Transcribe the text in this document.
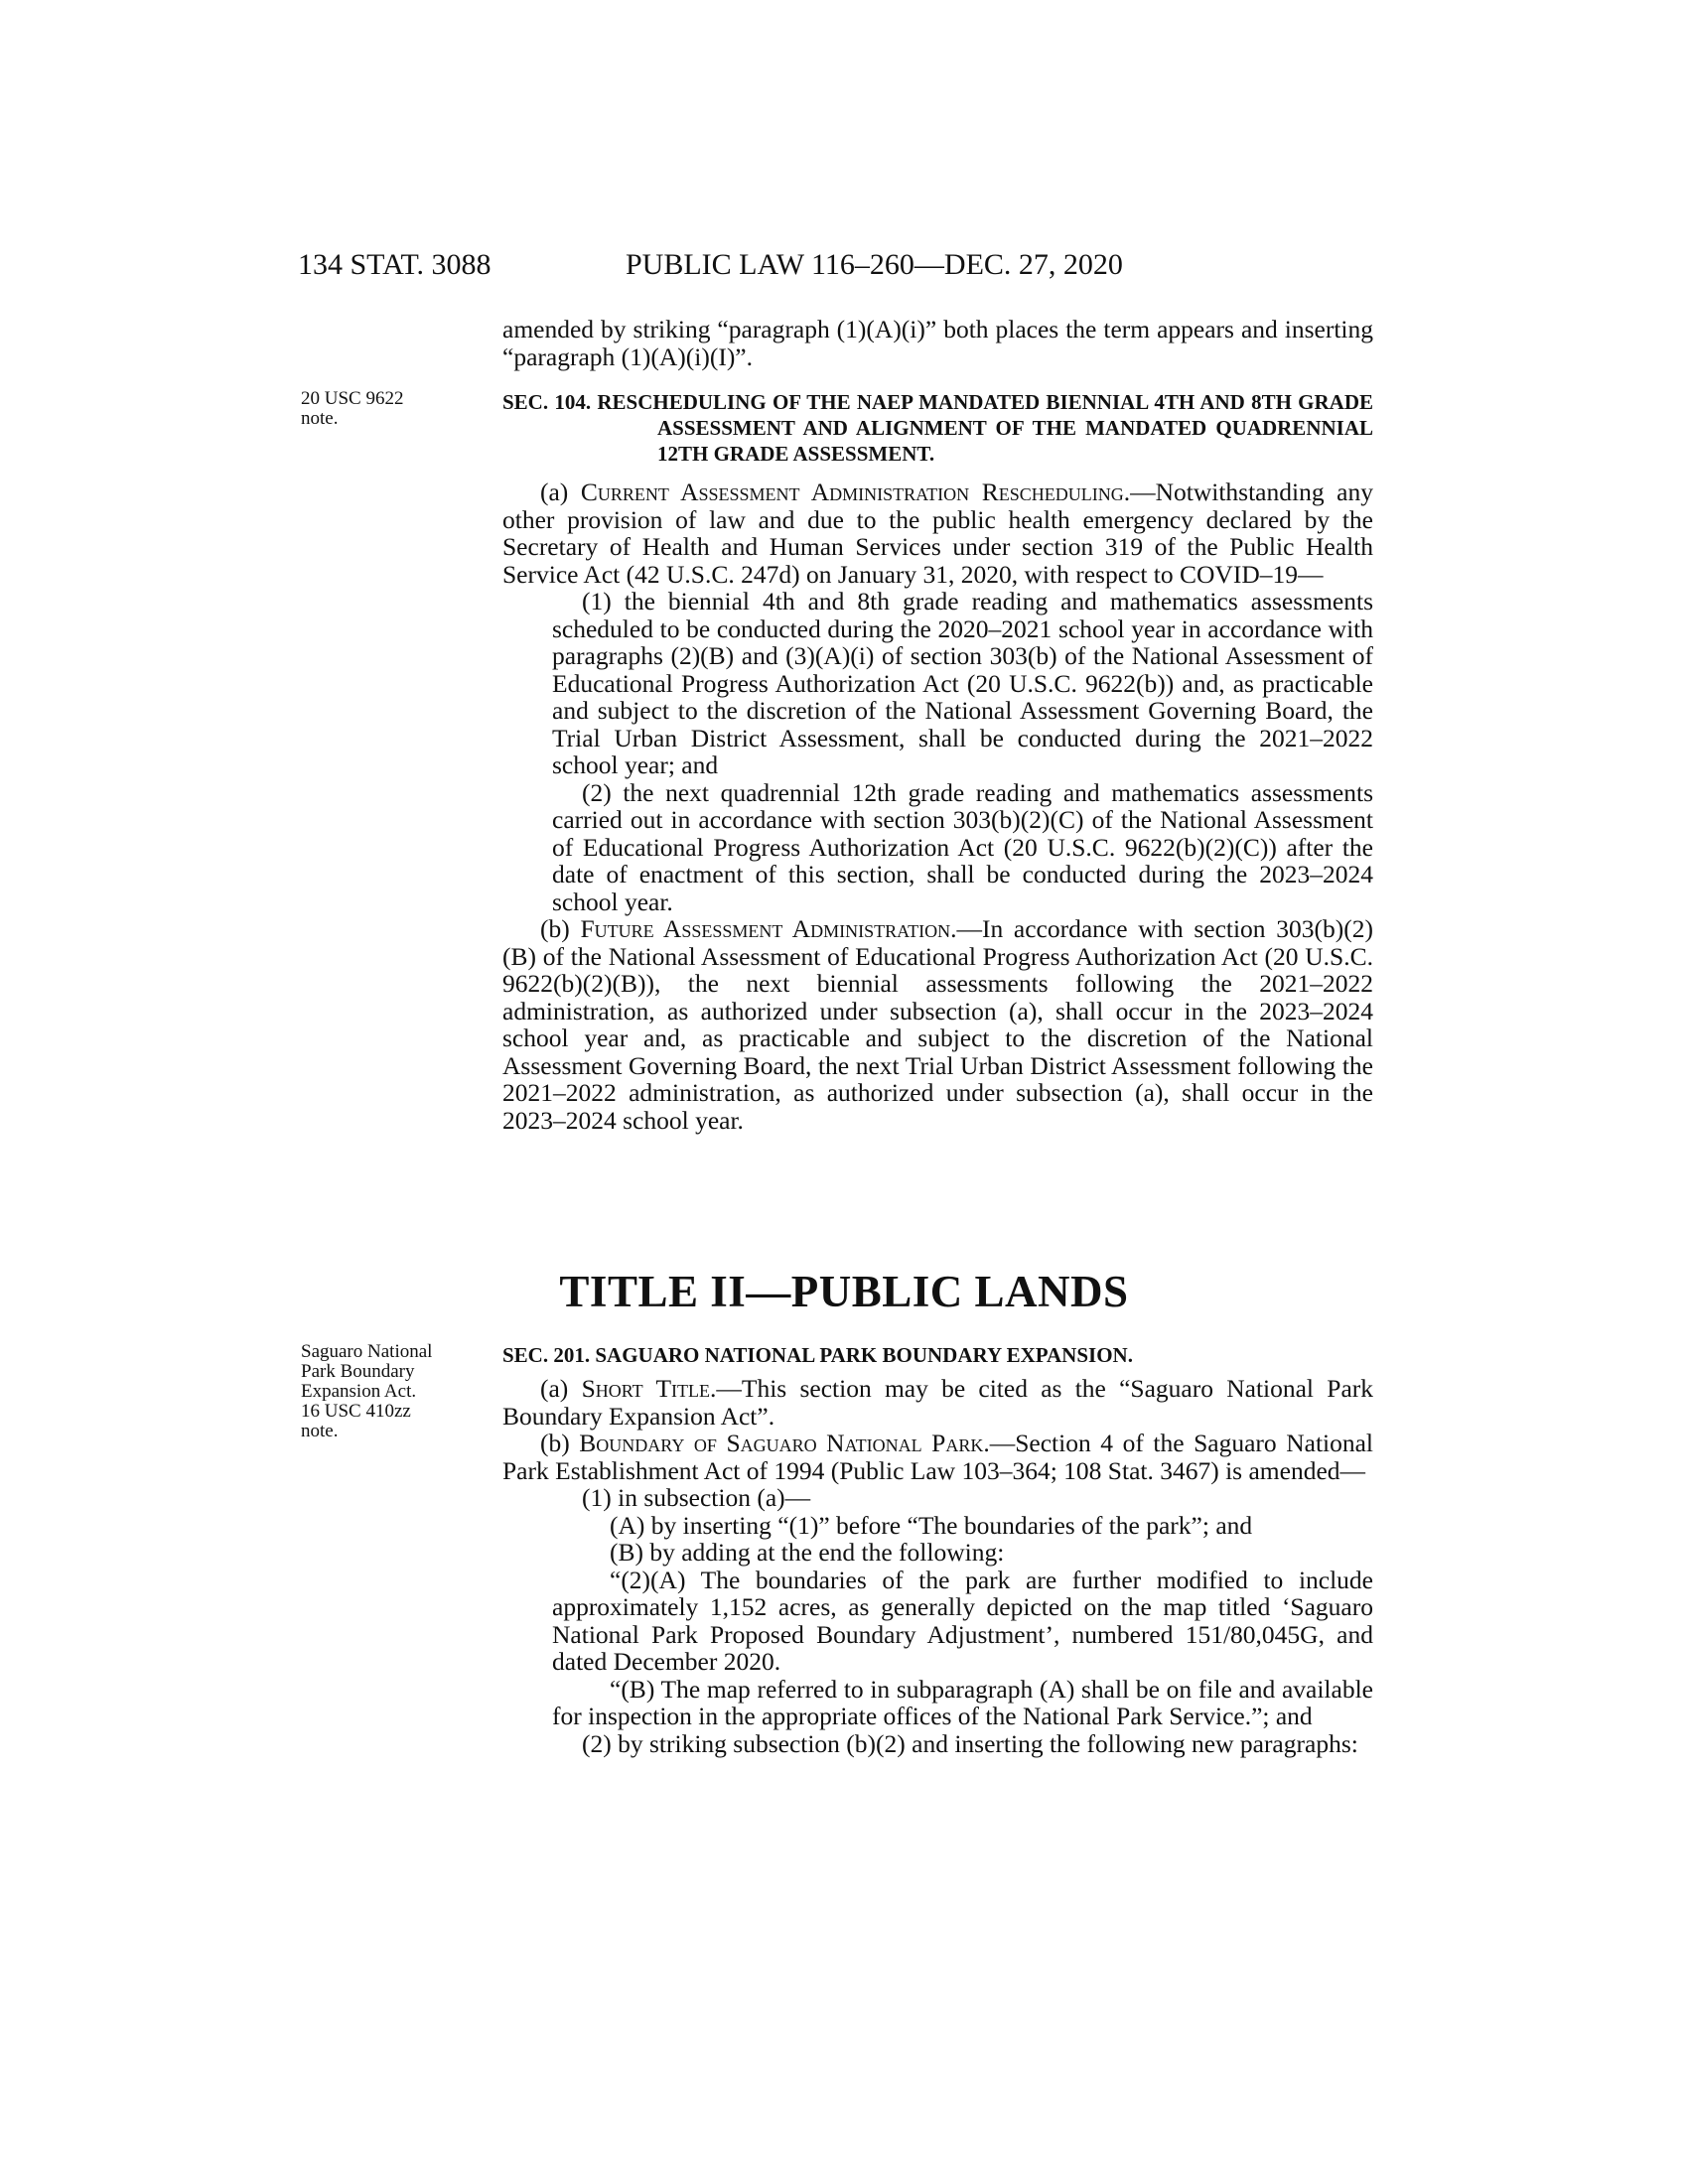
134 STAT. 3088	PUBLIC LAW 116–260—DEC. 27, 2020

amended by striking “paragraph (1)(A)(i)” both places the term appears and inserting “paragraph (1)(A)(i)(I)”.

20 USC 9622
note.
SEC. 104. RESCHEDULING OF THE NAEP MANDATED BIENNIAL 4TH AND 8TH GRADE ASSESSMENT AND ALIGNMENT OF THE MANDATED QUADRENNIAL 12TH GRADE ASSESSMENT.

(a) Current Assessment Administration Rescheduling.—Notwithstanding any other provision of law and due to the public health emergency declared by the Secretary of Health and Human Services under section 319 of the Public Health Service Act (42 U.S.C. 247d) on January 31, 2020, with respect to COVID–19—

(1) the biennial 4th and 8th grade reading and mathematics assessments scheduled to be conducted during the 2020–2021 school year in accordance with paragraphs (2)(B) and (3)(A)(i) of section 303(b) of the National Assessment of Educational Progress Authorization Act (20 U.S.C. 9622(b)) and, as practicable and subject to the discretion of the National Assessment Governing Board, the Trial Urban District Assessment, shall be conducted during the 2021–2022 school year; and

(2) the next quadrennial 12th grade reading and mathematics assessments carried out in accordance with section 303(b)(2)(C) of the National Assessment of Educational Progress Authorization Act (20 U.S.C. 9622(b)(2)(C)) after the date of enactment of this section, shall be conducted during the 2023–2024 school year.

(b) Future Assessment Administration.—In accordance with section 303(b)(2)(B) of the National Assessment of Educational Progress Authorization Act (20 U.S.C. 9622(b)(2)(B)), the next biennial assessments following the 2021–2022 administration, as authorized under subsection (a), shall occur in the 2023–2024 school year and, as practicable and subject to the discretion of the National Assessment Governing Board, the next Trial Urban District Assessment following the 2021–2022 administration, as authorized under subsection (a), shall occur in the 2023–2024 school year.

TITLE II—PUBLIC LANDS
Saguaro National
Park Boundary
Expansion Act.
16 USC 410zz
note.
SEC. 201. SAGUARO NATIONAL PARK BOUNDARY EXPANSION.

(a) Short Title.—This section may be cited as the “Saguaro National Park Boundary Expansion Act”.

(b) Boundary of Saguaro National Park.—Section 4 of the Saguaro National Park Establishment Act of 1994 (Public Law 103–364; 108 Stat. 3467) is amended—

(1) in subsection (a)—

(A) by inserting “(1)” before “The boundaries of the park”; and

(B) by adding at the end the following:

“(2)(A) The boundaries of the park are further modified to include approximately 1,152 acres, as generally depicted on the map titled ‘Saguaro National Park Proposed Boundary Adjustment’, numbered 151/80,045G, and dated December 2020.

“(B) The map referred to in subparagraph (A) shall be on file and available for inspection in the appropriate offices of the National Park Service.”; and

(2) by striking subsection (b)(2) and inserting the following new paragraphs:
